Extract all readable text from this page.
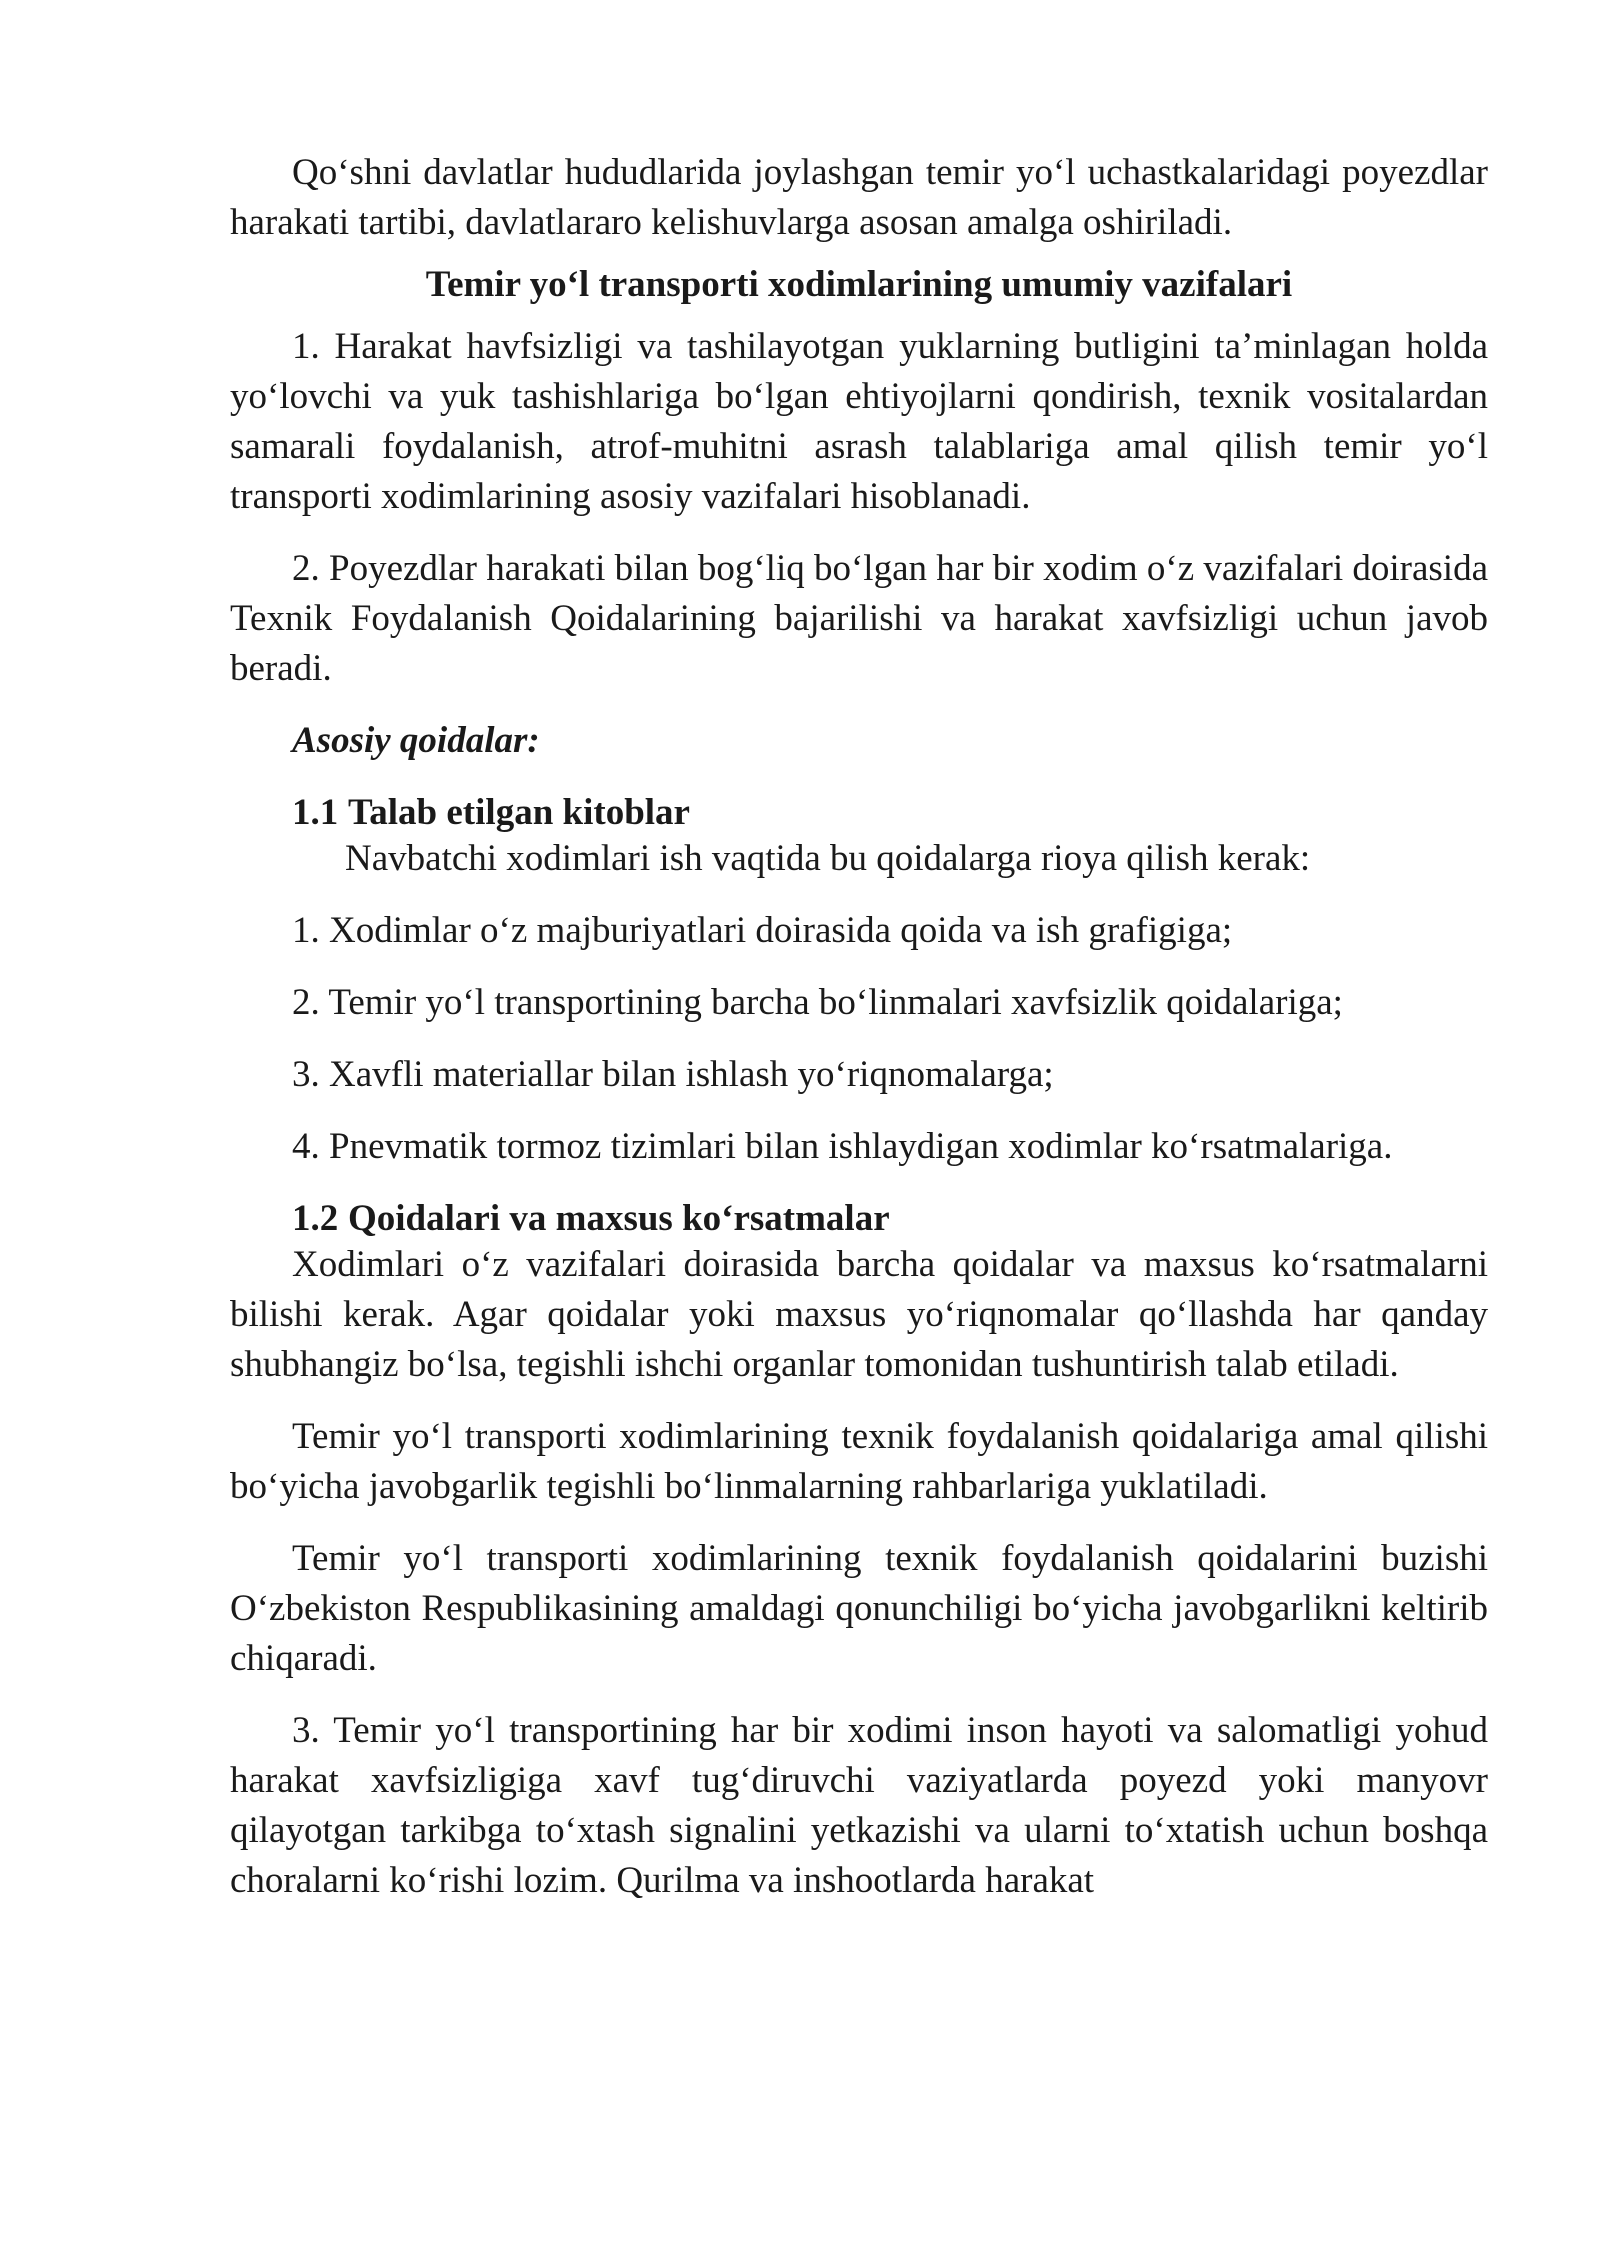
Qo‘shni davlatlar hududlarida joylashgan temir yo‘l uchastkalaridagi poyezdlar harakati tartibi, davlatlararo kelishuvlarga asosan amalga oshiriladi.

Temir yo‘l transporti xodimlarining umumiy vazifalari

1. Harakat havfsizligi va tashilayotgan yuklarning butligini ta’minlagan holda yo‘lovchi va yuk tashishlariga bo‘lgan ehtiyojlarni qondirish, texnik vositalardan samarali foydalanish, atrof-muhitni asrash talablariga amal qilish temir yo‘l transporti xodimlarining asosiy vazifalari hisoblanadi.

2. Poyezdlar harakati bilan bog‘liq bo‘lgan har bir xodim o‘z vazifalari doirasida Texnik Foydalanish Qoidalarining bajarilishi va harakat xavfsizligi uchun javob beradi.

Asosiy qoidalar:

1.1 Talab etilgan kitoblar

Navbatchi xodimlari ish vaqtida bu qoidalarga rioya qilish kerak:

1. Xodimlar o‘z majburiyatlari doirasida qoida va ish grafigiga;

2. Temir yo‘l transportining barcha bo‘linmalari xavfsizlik qoidalariga;

3. Xavfli materiallar bilan ishlash yo‘riqnomalarga;

4. Pnevmatik tormoz tizimlari bilan ishlaydigan xodimlar ko‘rsatmalariga.

1.2 Qoidalari va maxsus ko‘rsatmalar

Xodimlari o‘z vazifalari doirasida barcha qoidalar va maxsus ko‘rsatmalarni bilishi kerak. Agar qoidalar yoki maxsus yo‘riqnomalar qo‘llashda har qanday shubhangiz bo‘lsa, tegishli ishchi organlar tomonidan tushuntirish talab etiladi.

Temir yo‘l transporti xodimlarining texnik foydalanish qoidalariga amal qilishi bo‘yicha javobgarlik tegishli bo‘linmalarning rahbarlariga yuklatiladi.

Temir yo‘l transporti xodimlarining texnik foydalanish qoidalarini buzishi O‘zbekiston Respublikasining amaldagi qonunchiligi bo‘yicha javobgarlikni keltirib chiqaradi.

3. Temir yo‘l transportining har bir xodimi inson hayoti va salomatligi yohud harakat xavfsizligiga xavf tug‘diruvchi vaziyatlarda poyezd yoki manyovr qilayotgan tarkibga to‘xtash signalini yetkazishi va ularni to‘xtatish uchun boshqa choralarni ko‘rishi lozim. Qurilma va inshootlarda harakat
